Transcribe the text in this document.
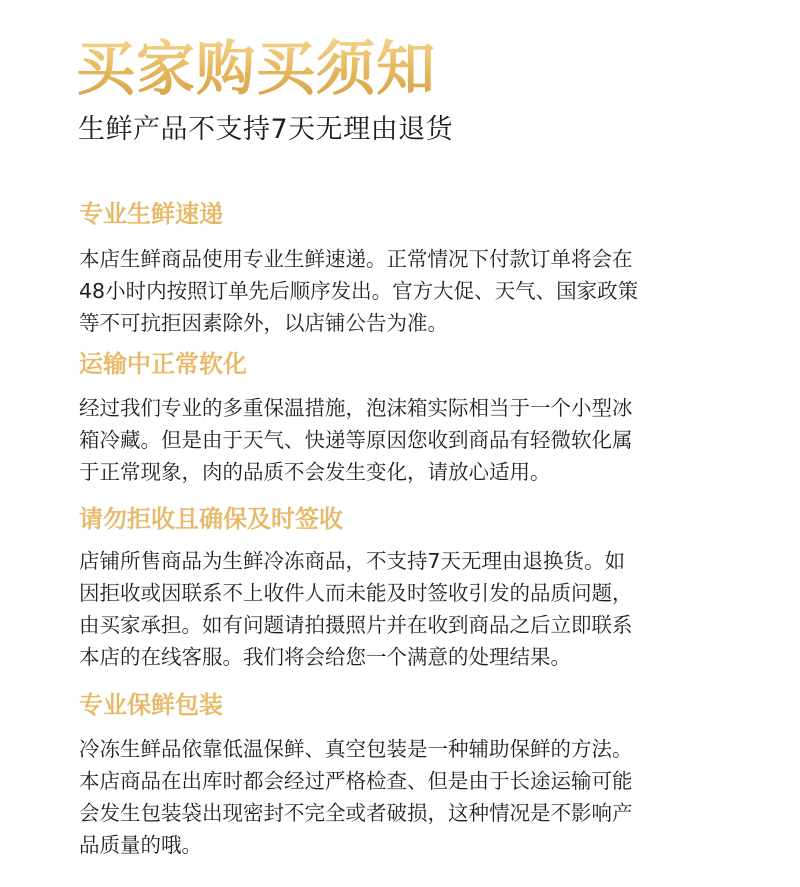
买家购买须知
生鲜产品不支持7天无理由退货
专业生鲜速递
本店生鲜商品使用专业生鲜速递。正常情况下付款订单将会在
48小时内按照订单先后顺序发出。官方大促、天气、国家政策
等不可抗拒因素除外，以店铺公告为准。
运输中正常软化
经过我们专业的多重保温措施，泡沫箱实际相当于一个小型冰
箱冷藏。但是由于天气、快递等原因您收到商品有轻微软化属
于正常现象，肉的品质不会发生变化，请放心适用。
请勿拒收且确保及时签收
店铺所售商品为生鲜冷冻商品，不支持7天无理由退换货。如
因拒收或因联系不上收件人而未能及时签收引发的品质问题，
由买家承担。如有问题请拍摄照片并在收到商品之后立即联系
本店的在线客服。我们将会给您一个满意的处理结果。
专业保鲜包装
冷冻生鲜品依靠低温保鲜、真空包装是一种辅助保鲜的方法。
本店商品在出库时都会经过严格检查、但是由于长途运输可能
会发生包装袋出现密封不完全或者破损，这种情况是不影响产
品质量的哦。
